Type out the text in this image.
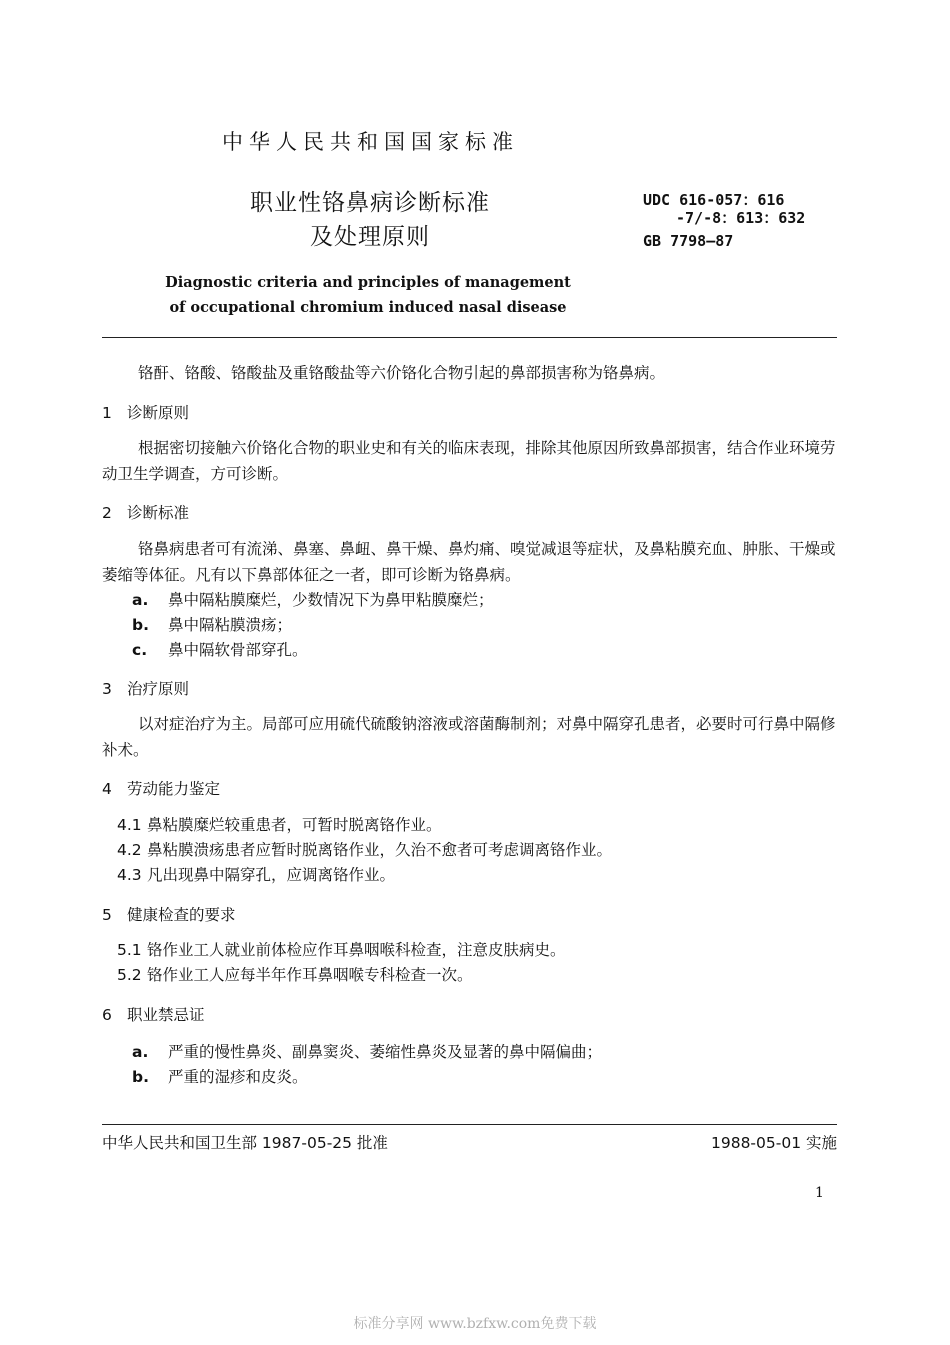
中华人民共和国国家标准
职业性铬鼻病诊断标准
及处理原则
UDC 616-057：616
-7/-8：613：632
GB 7798—87
Diagnostic criteria and principles of management
of occupational chromium induced nasal disease
铬酐、铬酸、铬酸盐及重铬酸盐等六价铬化合物引起的鼻部损害称为铬鼻病。
1 诊断原则
根据密切接触六价铬化合物的职业史和有关的临床表现，排除其他原因所致鼻部损害，结合作业环境劳动卫生学调查，方可诊断。
2 诊断标准
铬鼻病患者可有流涕、鼻塞、鼻衄、鼻干燥、鼻灼痛、嗅觉减退等症状，及鼻粘膜充血、肿胀、干燥或萎缩等体征。凡有以下鼻部体征之一者，即可诊断为铬鼻病。
a. 鼻中隔粘膜糜烂，少数情况下为鼻甲粘膜糜烂；
b. 鼻中隔粘膜溃疡；
c. 鼻中隔软骨部穿孔。
3 治疗原则
以对症治疗为主。局部可应用硫代硫酸钠溶液或溶菌酶制剂；对鼻中隔穿孔患者，必要时可行鼻中隔修补术。
4 劳动能力鉴定
4.1 鼻粘膜糜烂较重患者，可暂时脱离铬作业。
4.2 鼻粘膜溃疡患者应暂时脱离铬作业，久治不愈者可考虑调离铬作业。
4.3 凡出现鼻中隔穿孔，应调离铬作业。
5 健康检查的要求
5.1 铬作业工人就业前体检应作耳鼻咽喉科检查，注意皮肤病史。
5.2 铬作业工人应每半年作耳鼻咽喉专科检查一次。
6 职业禁忌证
a. 严重的慢性鼻炎、副鼻窦炎、萎缩性鼻炎及显著的鼻中隔偏曲；
b. 严重的湿疹和皮炎。
中华人民共和国卫生部 1987-05-25 批准	1988-05-01 实施
1
标准分享网 www.bzfxw.com免费下载
